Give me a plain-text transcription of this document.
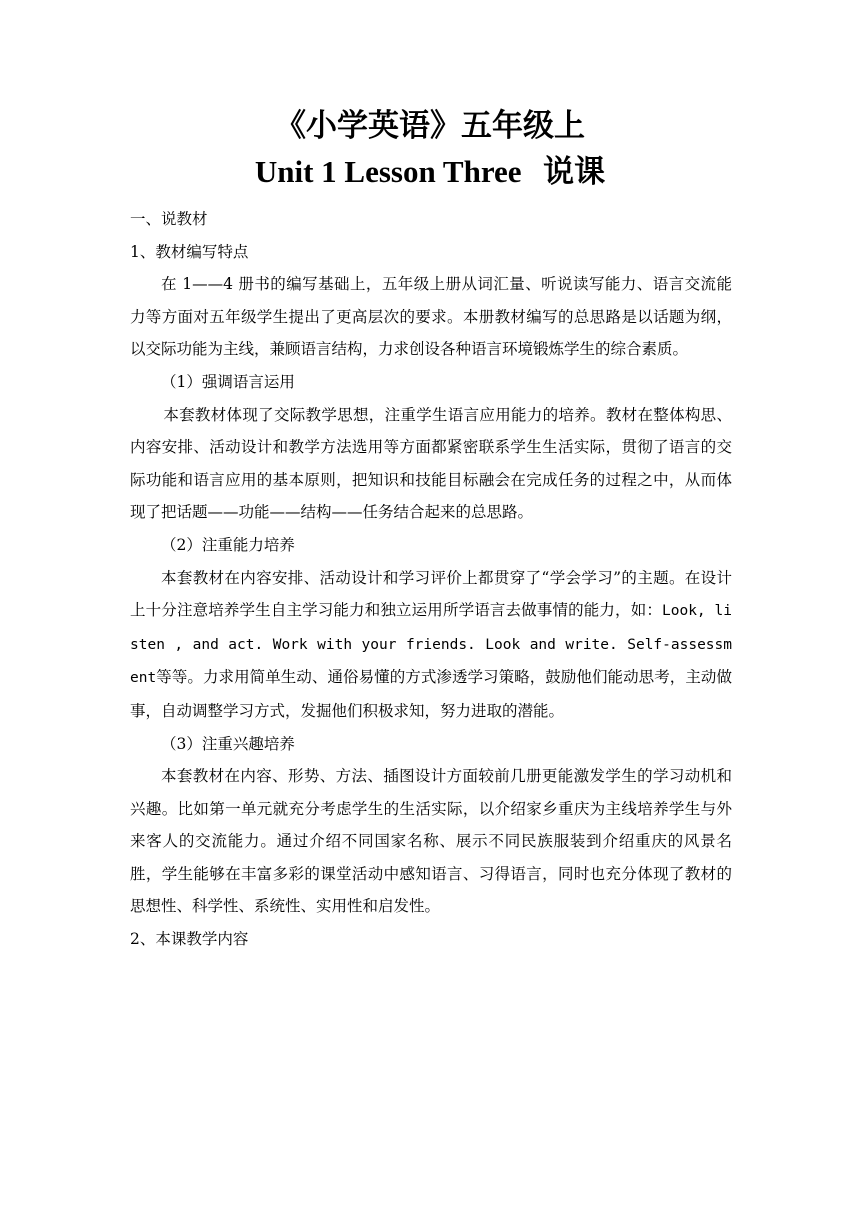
《小学英语》五年级上
Unit 1 Lesson Three 说课

一、说教材

1、教材编写特点

在 1——4 册书的编写基础上，五年级上册从词汇量、听说读写能力、语言交流能力等方面对五年级学生提出了更高层次的要求。本册教材编写的总思路是以话题为纲，以交际功能为主线，兼顾语言结构，力求创设各种语言环境锻炼学生的综合素质。

（1）强调语言运用

本套教材体现了交际教学思想，注重学生语言应用能力的培养。教材在整体构思、内容安排、活动设计和教学方法选用等方面都紧密联系学生生活实际，贯彻了语言的交际功能和语言应用的基本原则，把知识和技能目标融会在完成任务的过程之中，从而体现了把话题——功能——结构——任务结合起来的总思路。

（2）注重能力培养

本套教材在内容安排、活动设计和学习评价上都贯穿了“学会学习”的主题。在设计上十分注意培养学生自主学习能力和独立运用所学语言去做事情的能力，如：Look, listen , and act. Work with your friends. Look and write. Self-assessment等等。力求用简单生动、通俗易懂的方式渗透学习策略，鼓励他们能动思考，主动做事，自动调整学习方式，发掘他们积极求知，努力进取的潜能。

（3）注重兴趣培养

本套教材在内容、形势、方法、插图设计方面较前几册更能激发学生的学习动机和兴趣。比如第一单元就充分考虑学生的生活实际，以介绍家乡重庆为主线培养学生与外来客人的交流能力。通过介绍不同国家名称、展示不同民族服装到介绍重庆的风景名胜，学生能够在丰富多彩的课堂活动中感知语言、习得语言，同时也充分体现了教材的思想性、科学性、系统性、实用性和启发性。

2、本课教学内容
